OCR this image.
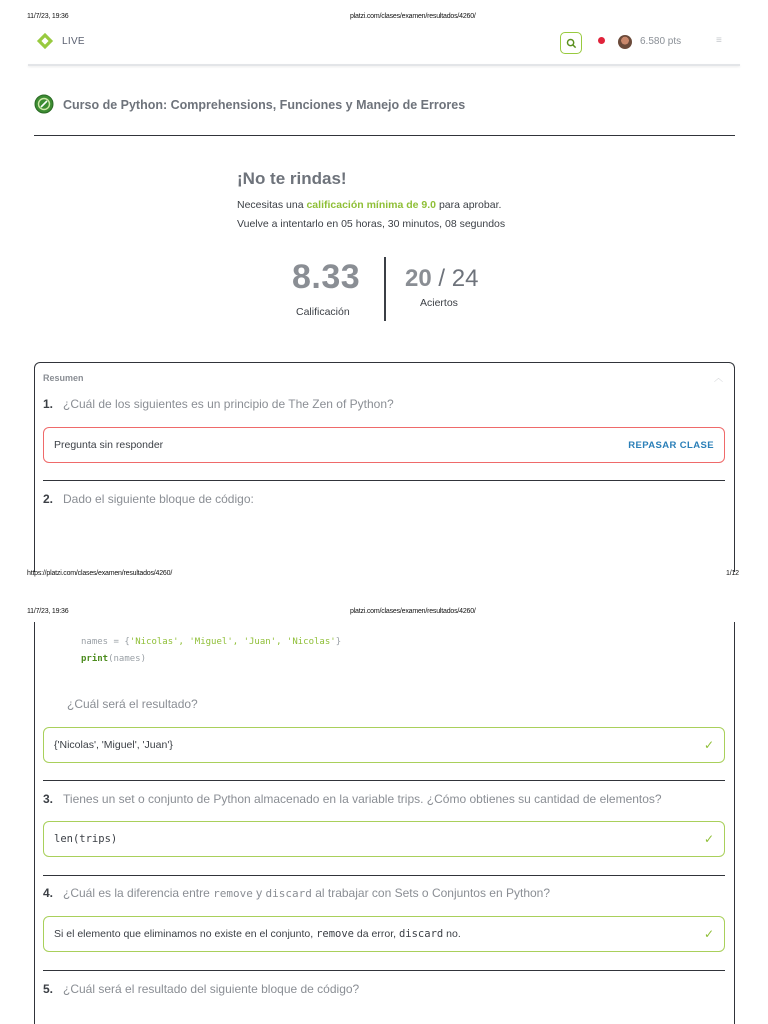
11/7/23, 19:36	platzi.com/clases/examen/resultados/4260/
LIVE	6.580 pts	≡
Curso de Python: Comprehensions, Funciones y Manejo de Errores
¡No te rindas!
Necesitas una calificación mínima de 9.0 para aprobar.
Vuelve a intentarlo en 05 horas, 30 minutos, 08 segundos
8.33
Calificación
20 / 24
Aciertos
Resumen	︿
1. ¿Cuál de los siguientes es un principio de The Zen of Python?
Pregunta sin responder	REPASAR CLASE
2. Dado el siguiente bloque de código:
https://platzi.com/clases/examen/resultados/4260/	1/12
11/7/23, 19:36	platzi.com/clases/examen/resultados/4260/
names = {'Nicolas', 'Miguel', 'Juan', 'Nicolas'}
print(names)
¿Cuál será el resultado?
{'Nicolas', 'Miguel', 'Juan'}	✓
3. Tienes un set o conjunto de Python almacenado en la variable trips. ¿Cómo obtienes su cantidad de elementos?
len(trips)	✓
4. ¿Cuál es la diferencia entre remove y discard al trabajar con Sets o Conjuntos en Python?
Si el elemento que eliminamos no existe en el conjunto, remove da error, discard no.	✓
5. ¿Cuál será el resultado del siguiente bloque de código?
